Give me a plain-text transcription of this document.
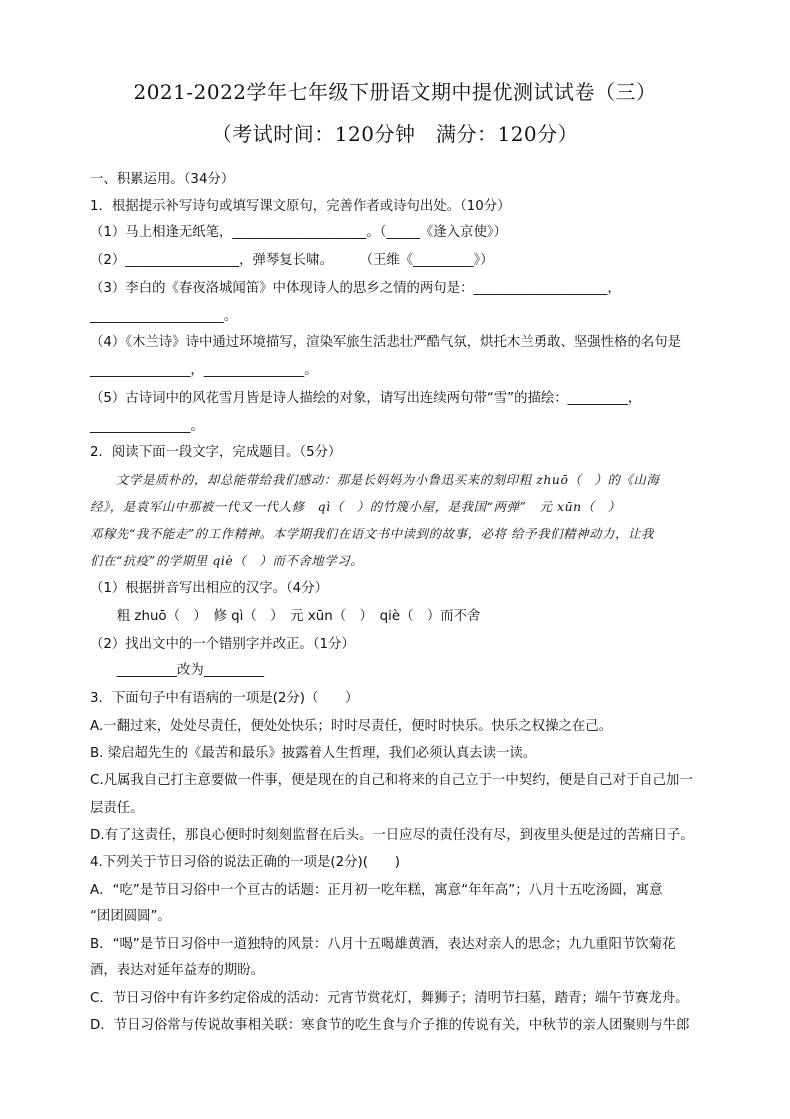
2021-2022学年七年级下册语文期中提优测试试卷（三）
（考试时间：120分钟　满分：120分）
一、积累运用。（34分）
1．根据提示补写诗句或填写课文原句，完善作者或诗句出处。（10分）
（1）马上相逢无纸笔，____________________。（_____《逢入京使》）
（2）_________________，弹琴复长啸。　　　（王维《_________》）
（3）李白的《春夜洛城闻笛》中体现诗人的思乡之情的两句是：____________________，
____________________。
（4）《木兰诗》诗中通过环境描写，渲染军旅生活悲壮严酷气氛，烘托木兰勇敢、坚强性格的名句是
_______________，_______________。
（5）古诗词中的风花雪月皆是诗人描绘的对象，请写出连续两句带“雪”的描绘：_________，
_______________。
2．阅读下面一段文字，完成题目。（5分）
　　文学是质朴的，却总能带给我们感动：那是长妈妈为小鲁迅买来的刻印粗 zhuō（　）的《山海
经》，是袁军山中那被一代又一代人修　qì（　）的竹篾小屋，是我国“两弹”　元 xūn（　）
邓稼先“我不能走”的工作精神。本学期我们在语文书中读到的故事，必将 给予我们精神动力，让我
们在“抗疫”的学期里 qiè（　）而不舍地学习。
（1）根据拼音写出相应的汉字。（4分）
　　粗 zhuō（　）　修 qì（　）　元 xūn（　）　qiè（　）而不舍
（2）找出文中的一个错别字并改正。（1分）
　　_________改为_________
3．下面句子中有语病的一项是(2分)（　　）
A.一翻过来，处处尽责任，便处处快乐；时时尽责任，便时时快乐。快乐之权操之在己。
B. 梁启超先生的《最苦和最乐》披露着人生哲理，我们必须认真去读一读。
C.凡属我自己打主意要做一件事，便是现在的自己和将来的自己立于一中契约，便是自己对于自己加一
层责任。
D.有了这责任，那良心便时时刻刻监督在后头。一日应尽的责任没有尽，到夜里头便是过的苦痛日子。
4.下列关于节日习俗的说法正确的一项是(2分)(　　)
A．“吃”是节日习俗中一个亘古的话题：正月初一吃年糕，寓意“年年高”；八月十五吃汤圆，寓意
“团团圆圆”。
B．“喝”是节日习俗中一道独特的风景：八月十五喝雄黄酒，表达对亲人的思念；九九重阳节饮菊花
酒，表达对延年益寿的期盼。
C．节日习俗中有许多约定俗成的活动：元宵节赏花灯，舞狮子；清明节扫墓，踏青；端午节赛龙舟。
D．节日习俗常与传说故事相关联：寒食节的吃生食与介子推的传说有关，中秋节的亲人团聚则与牛郎
